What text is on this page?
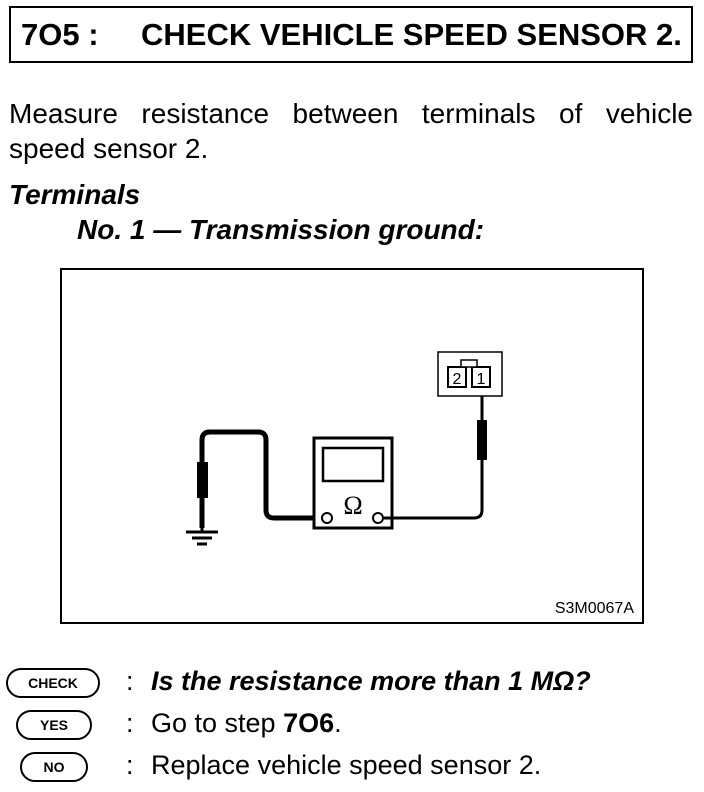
7O5 : CHECK VEHICLE SPEED SENSOR 2.
Measure resistance between terminals of vehicle speed sensor 2.
Terminals
No. 1 — Transmission ground:
Ω
2 1
S3M0067A
CHECK	: Is the resistance more than 1 MΩ?
YES	: Go to step 7O6.
NO	: Replace vehicle speed sensor 2.
